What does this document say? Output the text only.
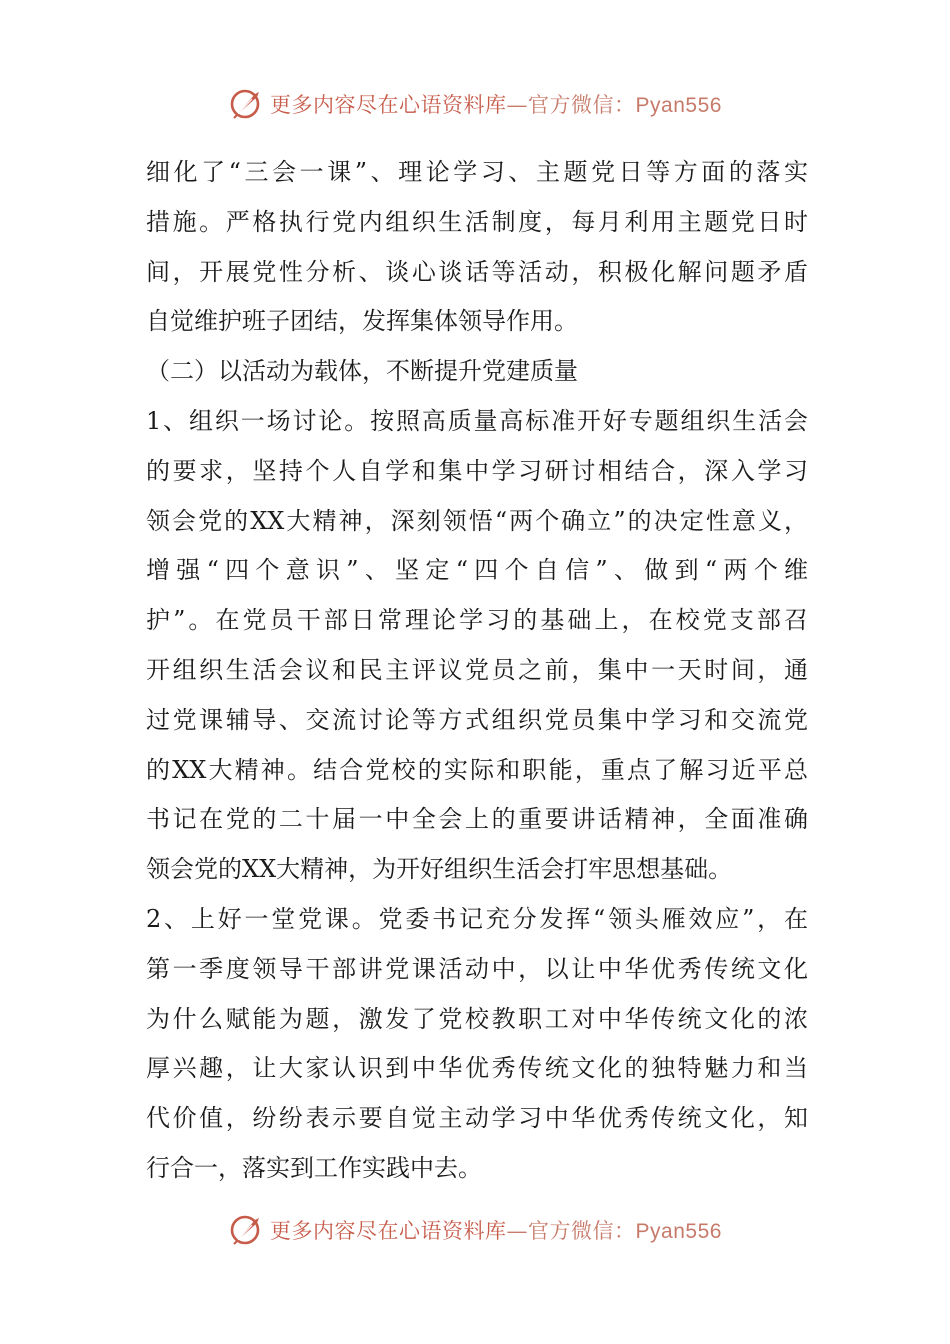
更多内容尽在心语资料库—官方微信：Pyan556
细化了“三会一课”、理论学习、主题党日等方面的落实
措施。严格执行党内组织生活制度，每月利用主题党日时
间，开展党性分析、谈心谈话等活动，积极化解问题矛盾
自觉维护班子团结，发挥集体领导作用。
（二）以活动为载体，不断提升党建质量
1、组织一场讨论。按照高质量高标准开好专题组织生活会
的要求，坚持个人自学和集中学习研讨相结合，深入学习
领会党的XX大精神，深刻领悟“两个确立”的决定性意义，
增强“四个意识”、坚定“四个自信”、做到“两个维
护”。在党员干部日常理论学习的基础上，在校党支部召
开组织生活会议和民主评议党员之前，集中一天时间，通
过党课辅导、交流讨论等方式组织党员集中学习和交流党
的XX大精神。结合党校的实际和职能，重点了解习近平总
书记在党的二十届一中全会上的重要讲话精神，全面准确
领会党的XX大精神，为开好组织生活会打牢思想基础。
2、上好一堂党课。党委书记充分发挥“领头雁效应”，在
第一季度领导干部讲党课活动中，以让中华优秀传统文化
为什么赋能为题，激发了党校教职工对中华传统文化的浓
厚兴趣，让大家认识到中华优秀传统文化的独特魅力和当
代价值，纷纷表示要自觉主动学习中华优秀传统文化，知
行合一，落实到工作实践中去。
更多内容尽在心语资料库—官方微信：Pyan556
